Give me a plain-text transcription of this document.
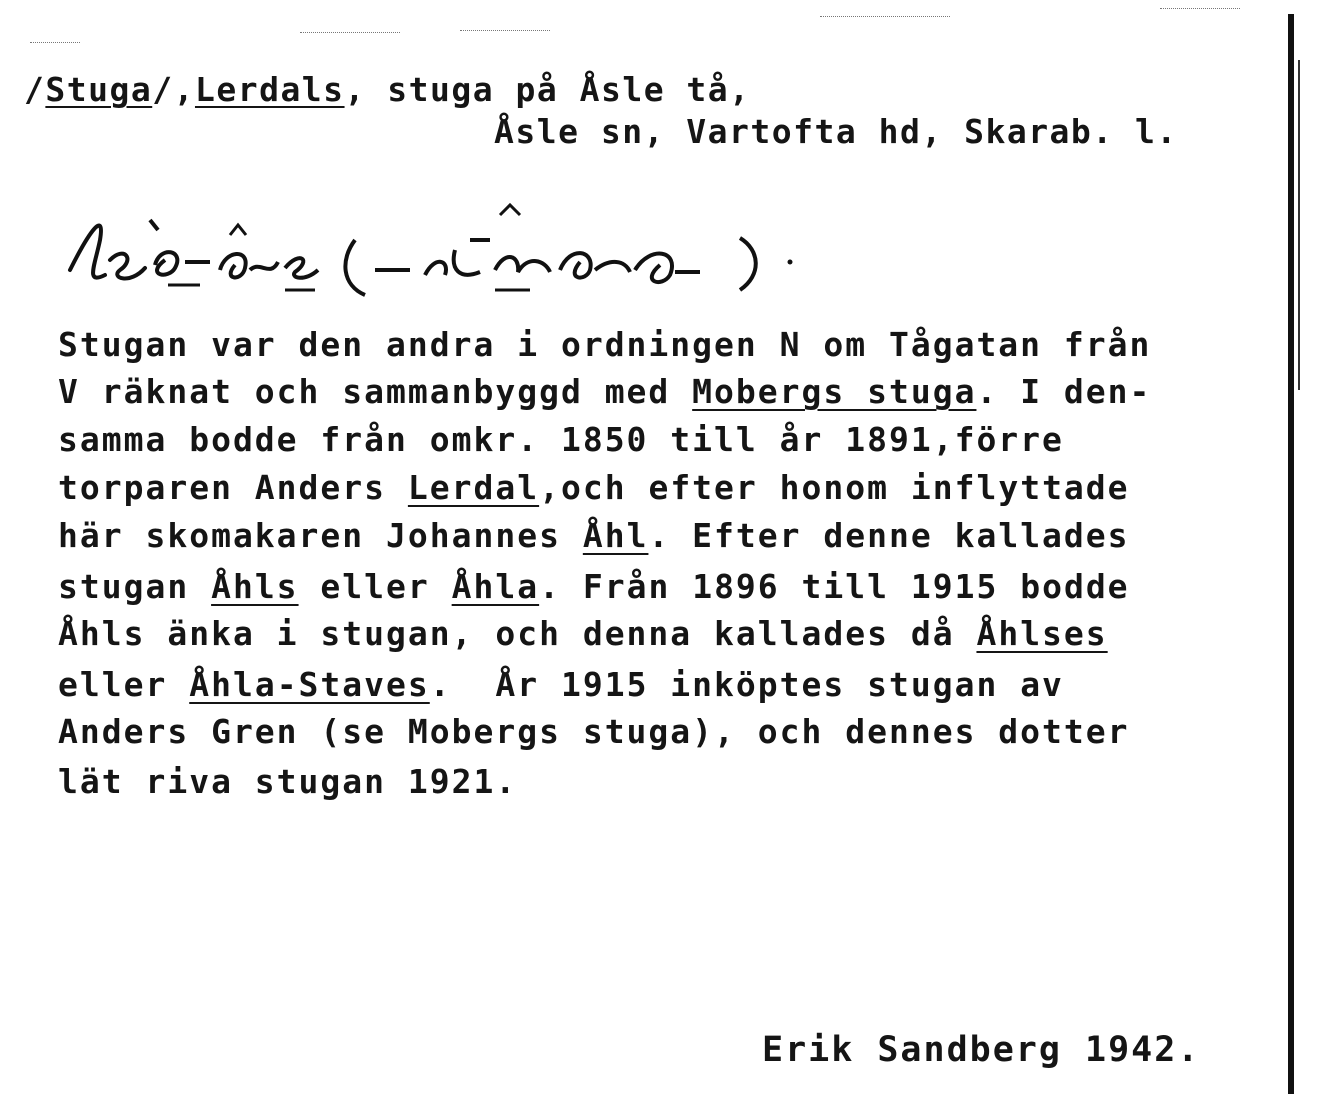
/Stuga/,Lerdals, stuga på Åsle tå,
Åsle sn, Vartofta hd, Skarab. l.
Stugan var den andra i ordningen N om Tågatan från
V räknat och sammanbyggd med Mobergs stuga. I den-
samma bodde från omkr. 1850 till år 1891,förre
torparen Anders Lerdal,och efter honom inflyttade
här skomakaren Johannes Åhl. Efter denne kallades
stugan Åhls eller Åhla. Från 1896 till 1915 bodde
Åhls änka i stugan, och denna kallades då Åhlses
eller Åhla-Staves.  År 1915 inköptes stugan av
Anders Gren (se Mobergs stuga), och dennes dotter
lät riva stugan 1921.
Erik Sandberg 1942.
